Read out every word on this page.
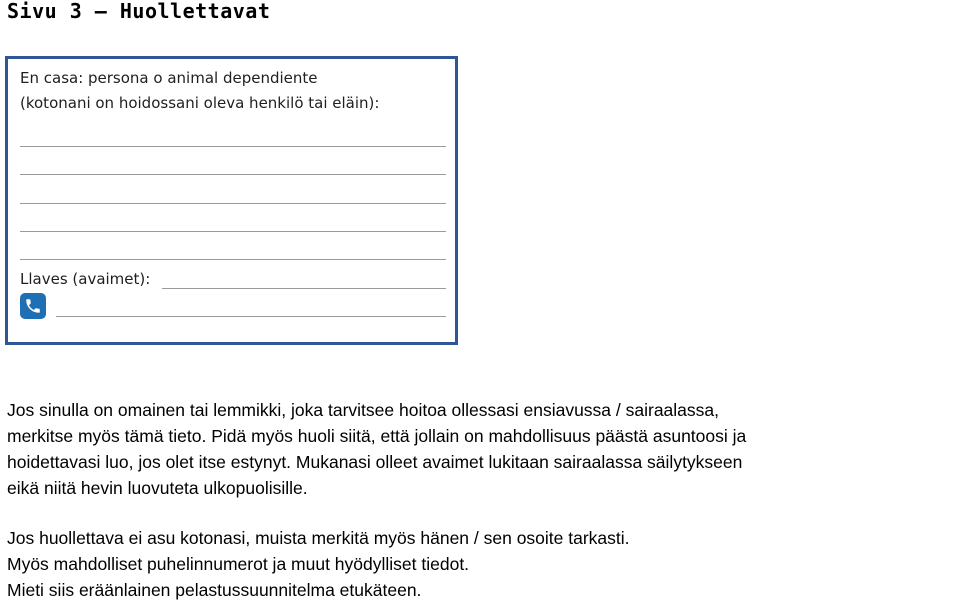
Sivu 3 – Huollettavat

En casa: persona o animal dependiente

(kotonani on hoidossani oleva henkilö tai eläin):

Llaves (avaimet):

Jos sinulla on omainen tai lemmikki, joka tarvitsee hoitoa ollessasi ensiavussa / sairaalassa,
merkitse myös tämä tieto. Pidä myös huoli siitä, että jollain on mahdollisuus päästä asuntoosi ja
hoidettavasi luo, jos olet itse estynyt. Mukanasi olleet avaimet lukitaan sairaalassa säilytykseen
eikä niitä hevin luovuteta ulkopuolisille.

Jos huollettava ei asu kotonasi, muista merkitä myös hänen / sen osoite tarkasti.
Myös mahdolliset puhelinnumerot ja muut hyödylliset tiedot.
Mieti siis eräänlainen pelastussuunnitelma etukäteen.
